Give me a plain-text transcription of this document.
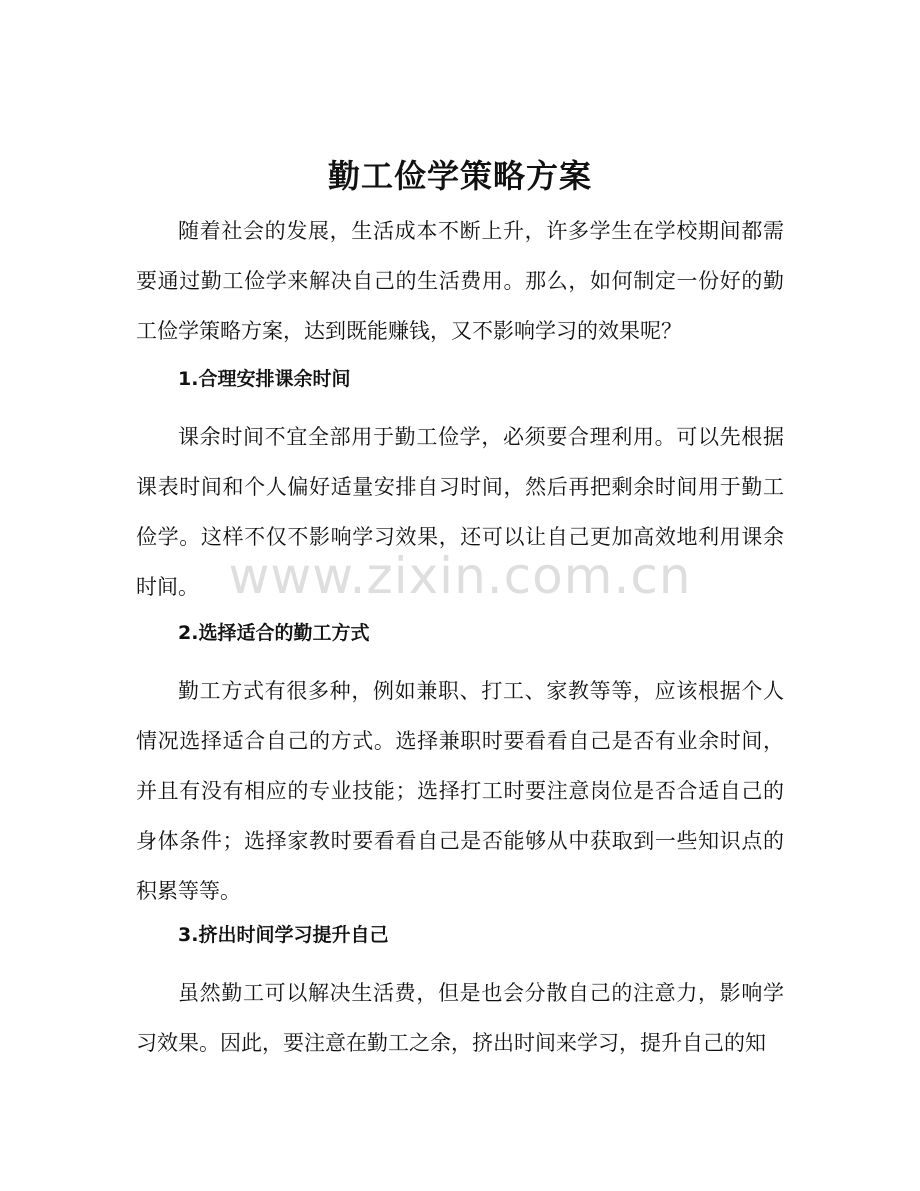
勤工俭学策略方案

随着社会的发展，生活成本不断上升，许多学生在学校期间都需要通过勤工俭学来解决自己的生活费用。那么，如何制定一份好的勤工俭学策略方案，达到既能赚钱，又不影响学习的效果呢？

1.合理安排课余时间

课余时间不宜全部用于勤工俭学，必须要合理利用。可以先根据课表时间和个人偏好适量安排自习时间，然后再把剩余时间用于勤工俭学。这样不仅不影响学习效果，还可以让自己更加高效地利用课余时间。

2.选择适合的勤工方式

勤工方式有很多种，例如兼职、打工、家教等等，应该根据个人情况选择适合自己的方式。选择兼职时要看看自己是否有业余时间，并且有没有相应的专业技能；选择打工时要注意岗位是否合适自己的身体条件；选择家教时要看看自己是否能够从中获取到一些知识点的积累等等。

3.挤出时间学习提升自己

虽然勤工可以解决生活费，但是也会分散自己的注意力，影响学习效果。因此，要注意在勤工之余，挤出时间来学习，提升自己的知

www.zixin.com.cn
